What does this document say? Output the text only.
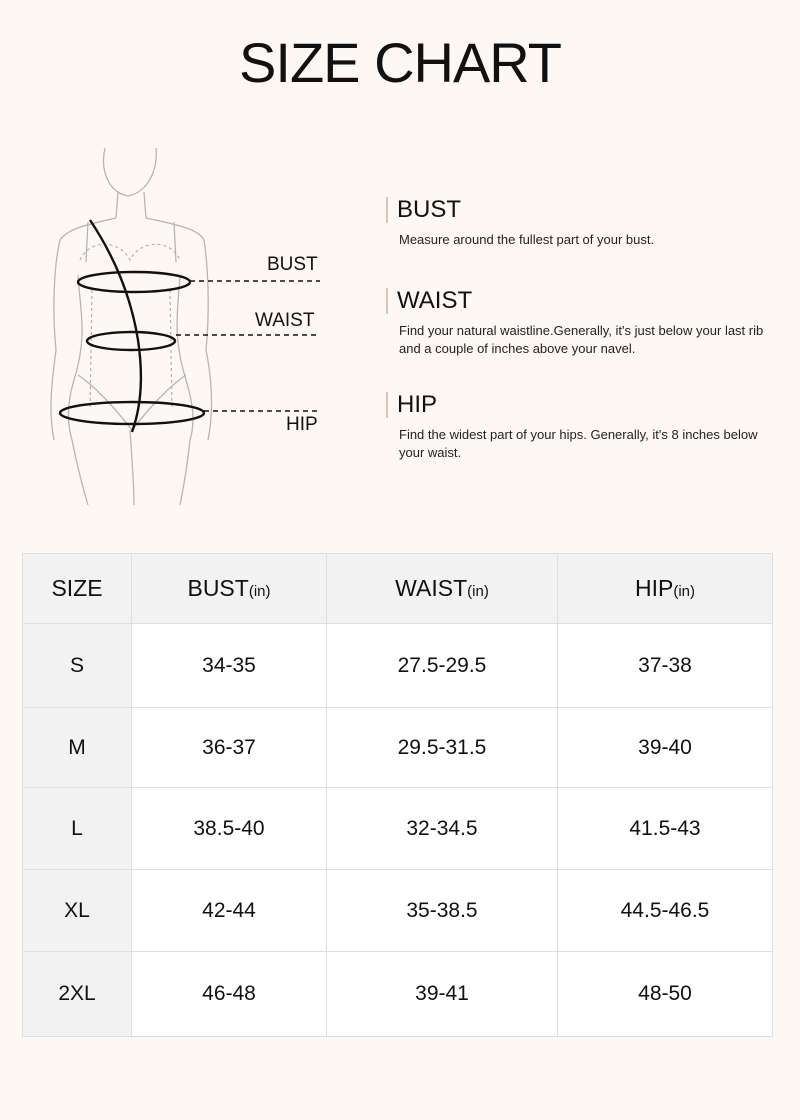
SIZE CHART
BUST
WAIST
HIP
BUST
Measure around the fullest part of your bust.
WAIST
Find your natural waistline.Generally, it's just below your last rib and a couple of inches above your navel.
HIP
Find the widest part of your hips. Generally, it's 8 inches below your waist.
SIZE	BUST(in)	WAIST(in)	HIP(in)
S	34-35	27.5-29.5	37-38
M	36-37	29.5-31.5	39-40
L	38.5-40	32-34.5	41.5-43
XL	42-44	35-38.5	44.5-46.5
2XL	46-48	39-41	48-50
